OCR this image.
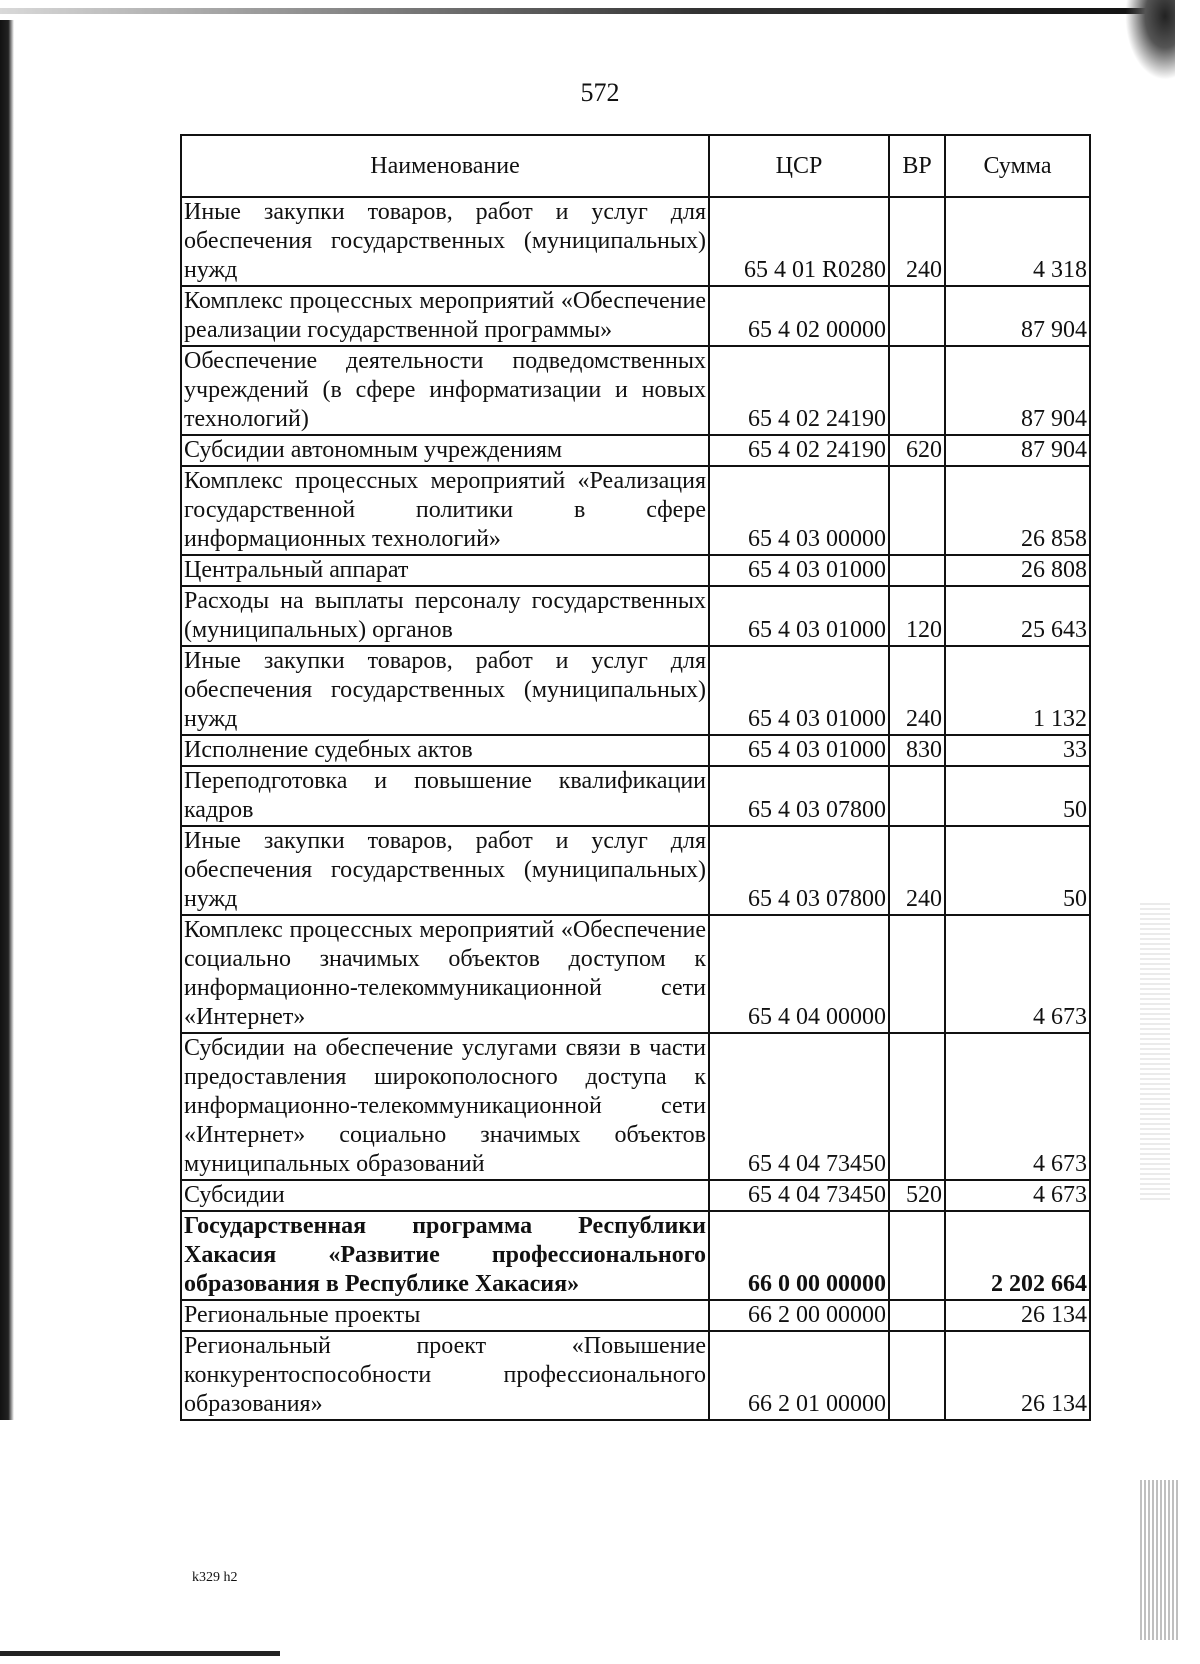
572
Наименование	ЦСР	ВР	Сумма
Иные закупки товаров, работ и услуг для обеспечения государственных (муниципальных) нужд	65 4 01 R0280	240	4 318
Комплекс процессных мероприятий «Обеспечение реализации государственной программы»	65 4 02 00000		87 904
Обеспечение деятельности подведомственных учреждений (в сфере информатизации и новых технологий)	65 4 02 24190		87 904
Субсидии автономным учреждениям	65 4 02 24190	620	87 904
Комплекс процессных мероприятий «Реализация государственной политики в сфере информационных технологий»	65 4 03 00000		26 858
Центральный аппарат	65 4 03 01000		26 808
Расходы на выплаты персоналу государственных (муниципальных) органов	65 4 03 01000	120	25 643
Иные закупки товаров, работ и услуг для обеспечения государственных (муниципальных) нужд	65 4 03 01000	240	1 132
Исполнение судебных актов	65 4 03 01000	830	33
Переподготовка и повышение квалификации кадров	65 4 03 07800		50
Иные закупки товаров, работ и услуг для обеспечения государственных (муниципальных) нужд	65 4 03 07800	240	50
Комплекс процессных мероприятий «Обеспечение социально значимых объектов доступом к информационно-телекоммуникационной сети «Интернет»	65 4 04 00000		4 673
Субсидии на обеспечение услугами связи в части предоставления широкополосного доступа к информационно-телекоммуникационной сети «Интернет» социально значимых объектов муниципальных образований	65 4 04 73450		4 673
Субсидии	65 4 04 73450	520	4 673
Государственная программа Республики Хакасия «Развитие профессионального образования в Республике Хакасия»	66 0 00 00000		2 202 664
Региональные проекты	66 2 00 00000		26 134
Региональный проект «Повышение конкурентоспособности профессионального образования»	66 2 01 00000		26 134
k329 h2
